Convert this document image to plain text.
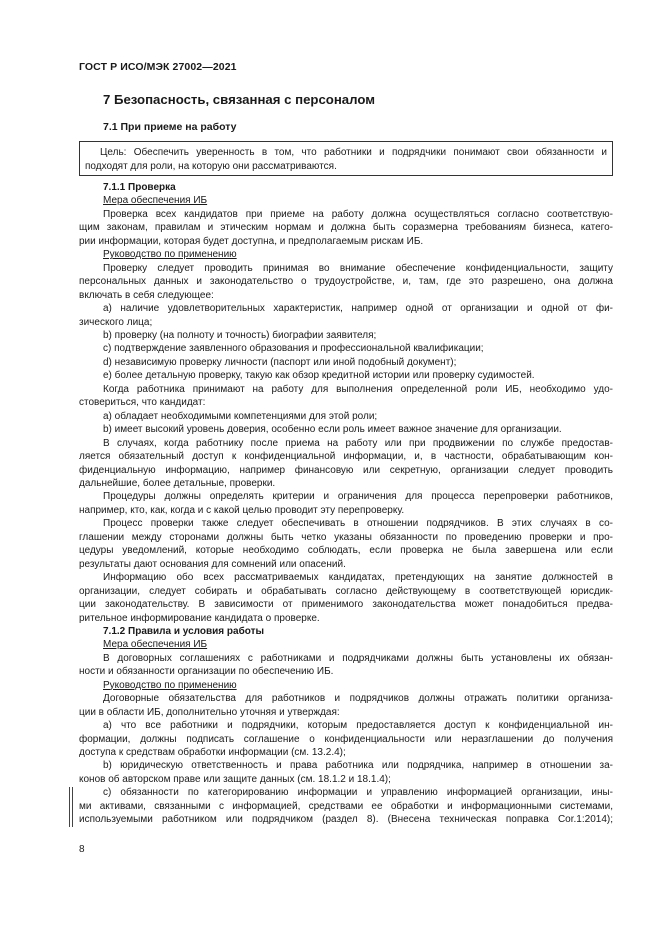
ГОСТ Р ИСО/МЭК 27002—2021
7 Безопасность, связанная с персоналом
7.1 При приеме на работу
Цель: Обеспечить уверенность в том, что работники и подрядчики понимают свои обязанности и
подходят для роли, на которую они рассматриваются.

7.1.1 Проверка

Мера обеспечения ИБ

Проверка всех кандидатов при приеме на работу должна осуществляться согласно соответствую-
щим законам, правилам и этическим нормам и должна быть соразмерна требованиям бизнеса, катего-
рии информации, которая будет доступна, и предполагаемым рискам ИБ.

Руководство по применению

Проверку следует проводить принимая во внимание обеспечение конфиденциальности, защиту
персональных данных и законодательство о трудоустройстве, и, там, где это разрешено, она должна
включать в себя следующее:

a) наличие удовлетворительных характеристик, например одной от организации и одной от фи-
зического лица;

b) проверку (на полноту и точность) биографии заявителя;

c) подтверждение заявленного образования и профессиональной квалификации;

d) независимую проверку личности (паспорт или иной подобный документ);

e) более детальную проверку, такую как обзор кредитной истории или проверку судимостей.

Когда работника принимают на работу для выполнения определенной роли ИБ, необходимо удо-
стовериться, что кандидат:

a) обладает необходимыми компетенциями для этой роли;

b) имеет высокий уровень доверия, особенно если роль имеет важное значение для организации.

В случаях, когда работнику после приема на работу или при продвижении по службе предостав-
ляется обязательный доступ к конфиденциальной информации, и, в частности, обрабатывающим кон-
фиденциальную информацию, например финансовую или секретную, организации следует проводить
дальнейшие, более детальные, проверки.

Процедуры должны определять критерии и ограничения для процесса перепроверки работников,
например, кто, как, когда и с какой целью проводит эту перепроверку.

Процесс проверки также следует обеспечивать в отношении подрядчиков. В этих случаях в со-
глашении между сторонами должны быть четко указаны обязанности по проведению проверки и про-
цедуры уведомлений, которые необходимо соблюдать, если проверка не была завершена или если
результаты дают основания для сомнений или опасений.

Информацию обо всех рассматриваемых кандидатах, претендующих на занятие должностей в
организации, следует собирать и обрабатывать согласно действующему в соответствующей юрисдик-
ции законодательству. В зависимости от применимого законодательства может понадобиться предва-
рительное информирование кандидата о проверке.

7.1.2 Правила и условия работы

Мера обеспечения ИБ

В договорных соглашениях с работниками и подрядчиками должны быть установлены их обязан-
ности и обязанности организации по обеспечению ИБ.

Руководство по применению

Договорные обязательства для работников и подрядчиков должны отражать политики организа-
ции в области ИБ, дополнительно уточняя и утверждая:

a) что все работники и подрядчики, которым предоставляется доступ к конфиденциальной ин-
формации, должны подписать соглашение о конфиденциальности или неразглашении до получения
доступа к средствам обработки информации (см. 13.2.4);

b) юридическую ответственность и права работника или подрядчика, например в отношении за-
конов об авторском праве или защите данных (см. 18.1.2 и 18.1.4);

c) обязанности по категорированию информации и управлению информацией организации, ины-
ми активами, связанными с информацией, средствами ее обработки и информационными системами,
используемыми работником или подрядчиком (раздел 8). (Внесена техническая поправка Cor.1:2014);

8
